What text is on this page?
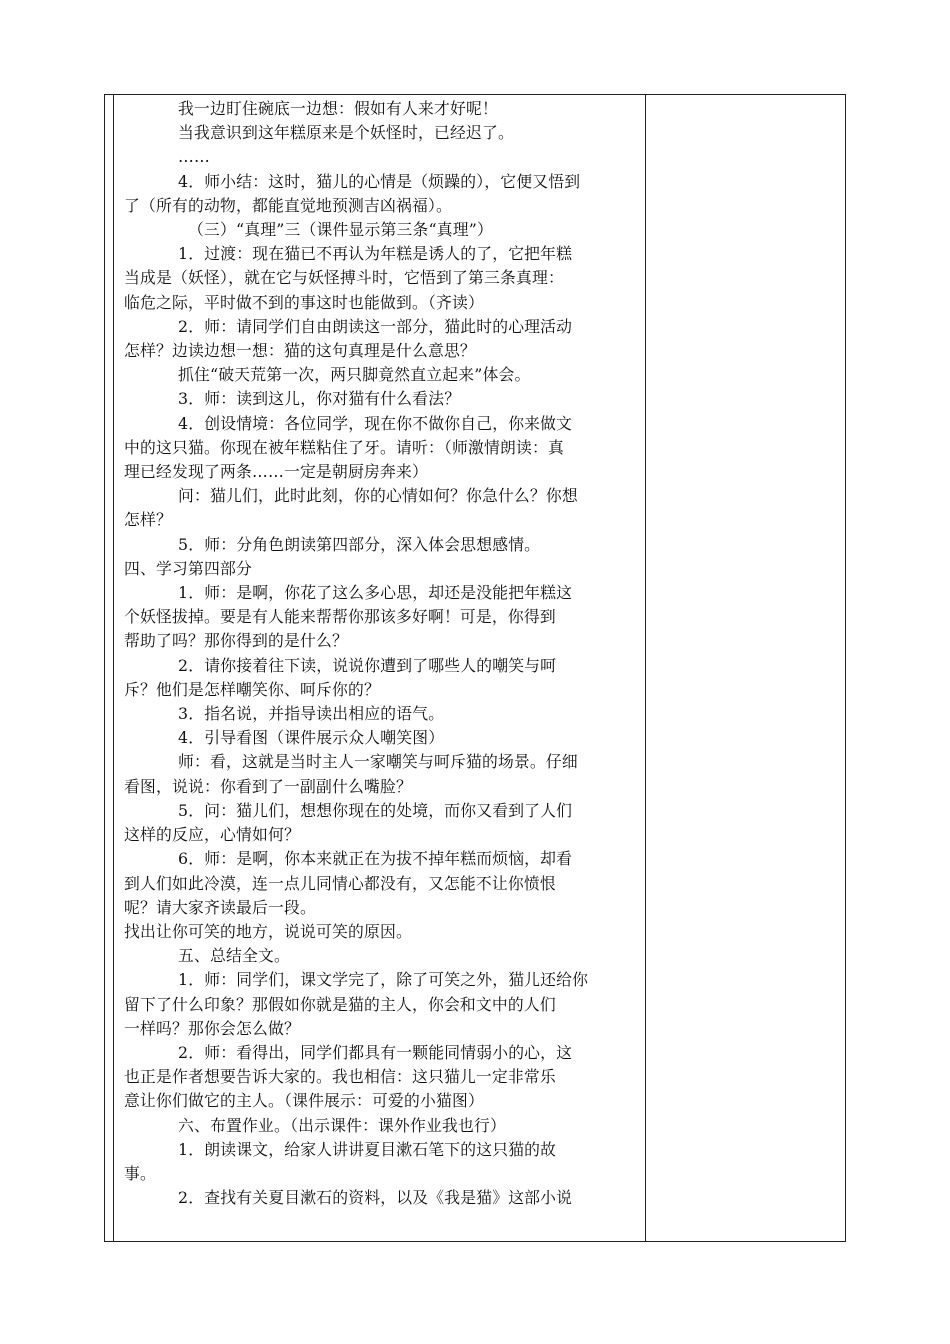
我一边盯住碗底一边想：假如有人来才好呢！

当我意识到这年糕原来是个妖怪时，已经迟了。

……

4．师小结：这时，猫儿的心情是（烦躁的），它便又悟到

了（所有的动物，都能直觉地预测吉凶祸福）。

（三）“真理”三（课件显示第三条“真理”）

1．过渡：现在猫已不再认为年糕是诱人的了，它把年糕

当成是（妖怪），就在它与妖怪搏斗时，它悟到了第三条真理：

临危之际，平时做不到的事这时也能做到。（齐读）

2．师：请同学们自由朗读这一部分，猫此时的心理活动

怎样？边读边想一想：猫的这句真理是什么意思？

抓住“破天荒第一次，两只脚竟然直立起来”体会。

3．师：读到这儿，你对猫有什么看法？

4．创设情境：各位同学，现在你不做你自己，你来做文

中的这只猫。你现在被年糕粘住了牙。请听：（师激情朗读：真

理已经发现了两条……一定是朝厨房奔来）

问：猫儿们，此时此刻，你的心情如何？你急什么？你想

怎样？

5．师：分角色朗读第四部分，深入体会思想感情。

四、学习第四部分

1．师：是啊，你花了这么多心思，却还是没能把年糕这

个妖怪拔掉。要是有人能来帮帮你那该多好啊！可是，你得到

帮助了吗？那你得到的是什么？

2．请你接着往下读，说说你遭到了哪些人的嘲笑与呵

斥？他们是怎样嘲笑你、呵斥你的？

3．指名说，并指导读出相应的语气。

4．引导看图（课件展示众人嘲笑图）

师：看，这就是当时主人一家嘲笑与呵斥猫的场景。仔细

看图，说说：你看到了一副副什么嘴脸？

5．问：猫儿们，想想你现在的处境，而你又看到了人们

这样的反应，心情如何？

6．师：是啊，你本来就正在为拔不掉年糕而烦恼，却看

到人们如此冷漠，连一点儿同情心都没有，又怎能不让你愤恨

呢？请大家齐读最后一段。

找出让你可笑的地方，说说可笑的原因。

五、总结全文。

1．师：同学们，课文学完了，除了可笑之外，猫儿还给你

留下了什么印象？那假如你就是猫的主人，你会和文中的人们

一样吗？那你会怎么做？

2．师：看得出，同学们都具有一颗能同情弱小的心，这

也正是作者想要告诉大家的。我也相信：这只猫儿一定非常乐

意让你们做它的主人。（课件展示：可爱的小猫图）

六、布置作业。（出示课件：课外作业我也行）

1．朗读课文，给家人讲讲夏目漱石笔下的这只猫的故

事。

2．查找有关夏目漱石的资料，以及《我是猫》这部小说
